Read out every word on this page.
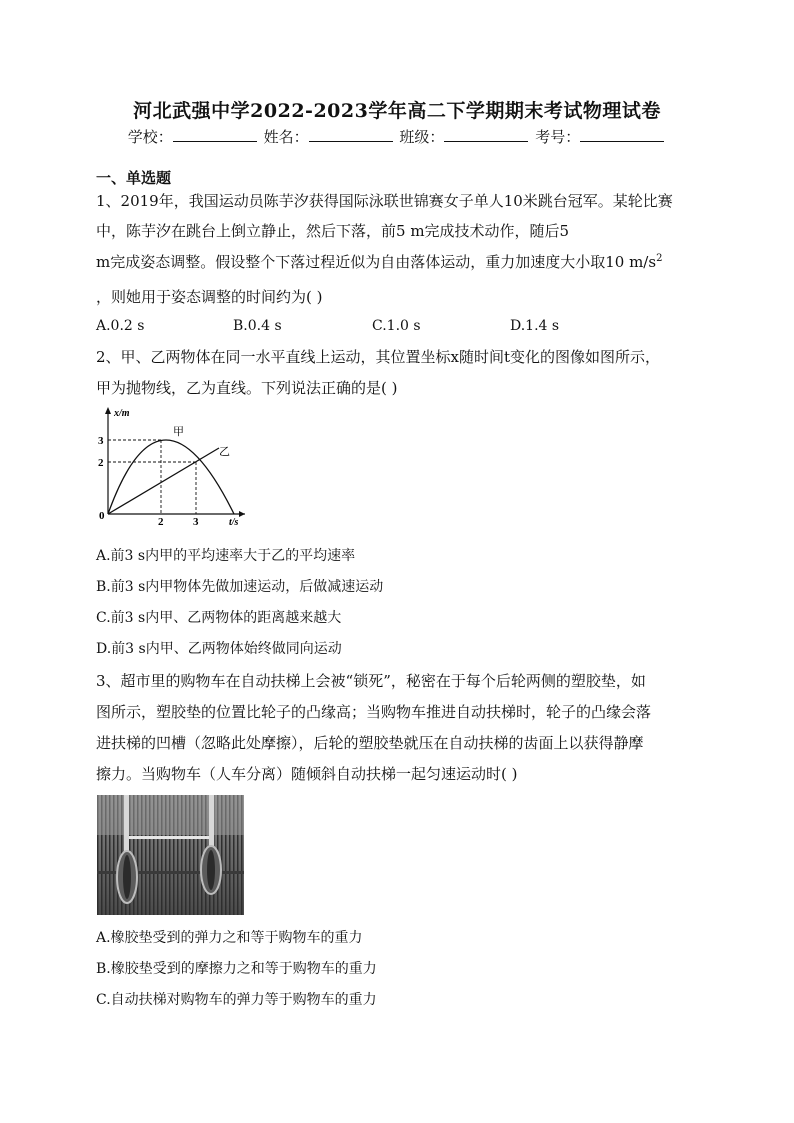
河北武强中学2022-2023学年高二下学期期末考试物理试卷
学校：	姓名：	班级：	考号：
一、单选题
1、2019年，我国运动员陈芋汐获得国际泳联世锦赛女子单人10米跳台冠军。某轮比赛
中，陈芋汐在跳台上倒立静止，然后下落，前5 m完成技术动作，随后5
m完成姿态调整。假设整个下落过程近似为自由落体运动，重力加速度大小取10 $m/s^2$
，则她用于姿态调整的时间约为( )
A.0.2 s	B.0.4 s	C.1.0 s	D.1.4 s
2、甲、乙两物体在同一水平直线上运动，其位置坐标x随时间t变化的图像如图所示，
甲为抛物线，乙为直线。下列说法正确的是( )
x/m
t/s
0
3
2
2	3
甲
乙
A.前3 s内甲的平均速率大于乙的平均速率
B.前3 s内甲物体先做加速运动，后做减速运动
C.前3 s内甲、乙两物体的距离越来越大
D.前3 s内甲、乙两物体始终做同向运动
3、超市里的购物车在自动扶梯上会被“锁死”，秘密在于每个后轮两侧的塑胶垫，如
图所示，塑胶垫的位置比轮子的凸缘高；当购物车推进自动扶梯时，轮子的凸缘会落
进扶梯的凹槽（忽略此处摩擦），后轮的塑胶垫就压在自动扶梯的齿面上以获得静摩
擦力。当购物车（人车分离）随倾斜自动扶梯一起匀速运动时( )
A.橡胶垫受到的弹力之和等于购物车的重力
B.橡胶垫受到的摩擦力之和等于购物车的重力
C.自动扶梯对购物车的弹力等于购物车的重力
